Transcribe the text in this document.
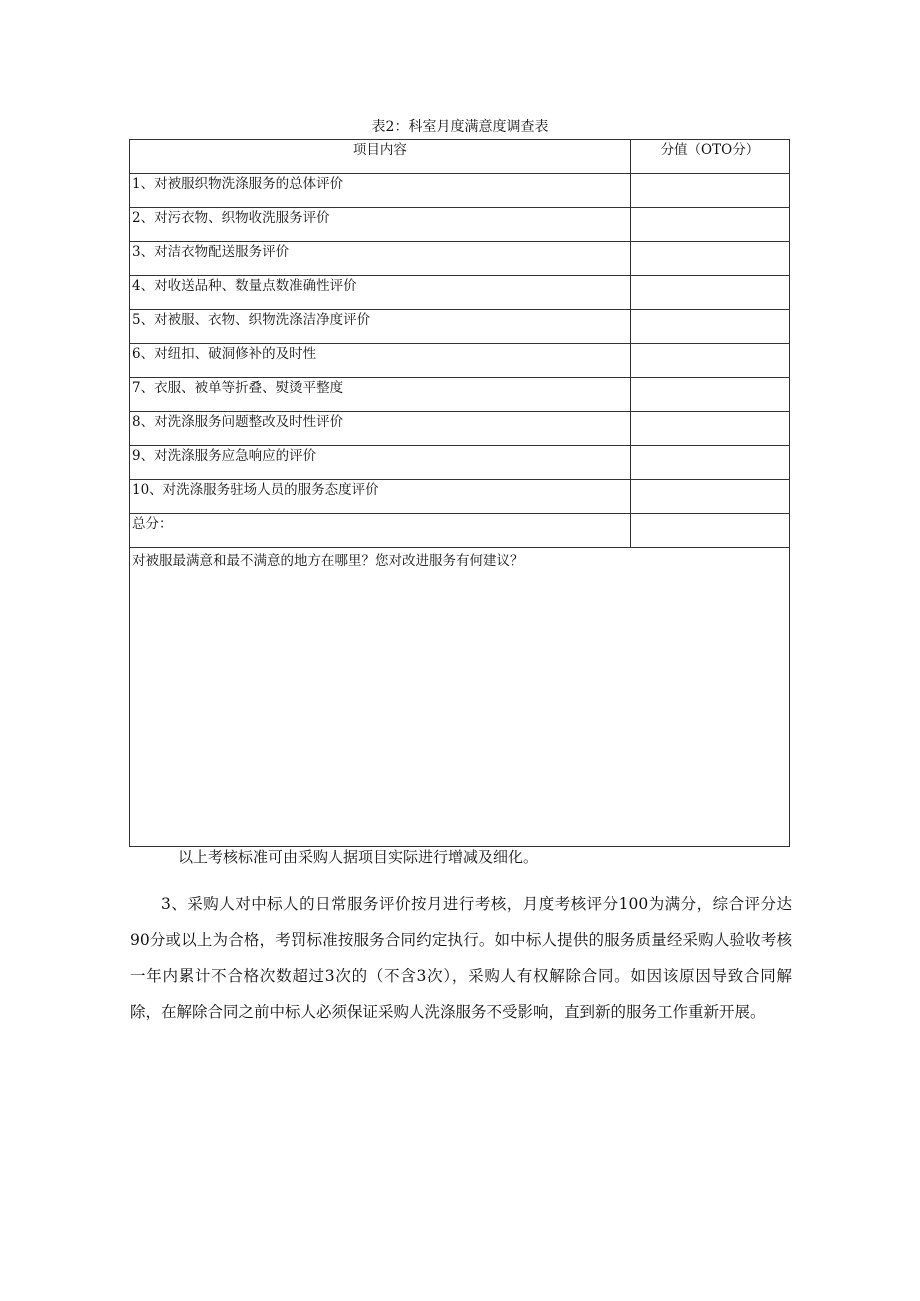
表2：科室月度满意度调查表
项目内容	分值（OTO分）
1、对被服织物洗涤服务的总体评价	
2、对污衣物、织物收洗服务评价	
3、对洁衣物配送服务评价	
4、对收送品种、数量点数准确性评价	
5、对被服、衣物、织物洗涤洁净度评价	
6、对纽扣、破洞修补的及时性	
7、衣服、被单等折叠、熨烫平整度	
8、对洗涤服务问题整改及时性评价	
9、对洗涤服务应急响应的评价	
10、对洗涤服务驻场人员的服务态度评价	
总分：	
对被服最满意和最不满意的地方在哪里？您对改进服务有何建议？	
以上考核标准可由采购人据项目实际进行增减及细化。

3、采购人对中标人的日常服务评价按月进行考核，月度考核评分100为满分，综合评分达90分或以上为合格，考罚标准按服务合同约定执行。如中标人提供的服务质量经采购人验收考核一年内累计不合格次数超过3次的（不含3次），采购人有权解除合同。如因该原因导致合同解除，在解除合同之前中标人必须保证采购人洗涤服务不受影响，直到新的服务工作重新开展。
